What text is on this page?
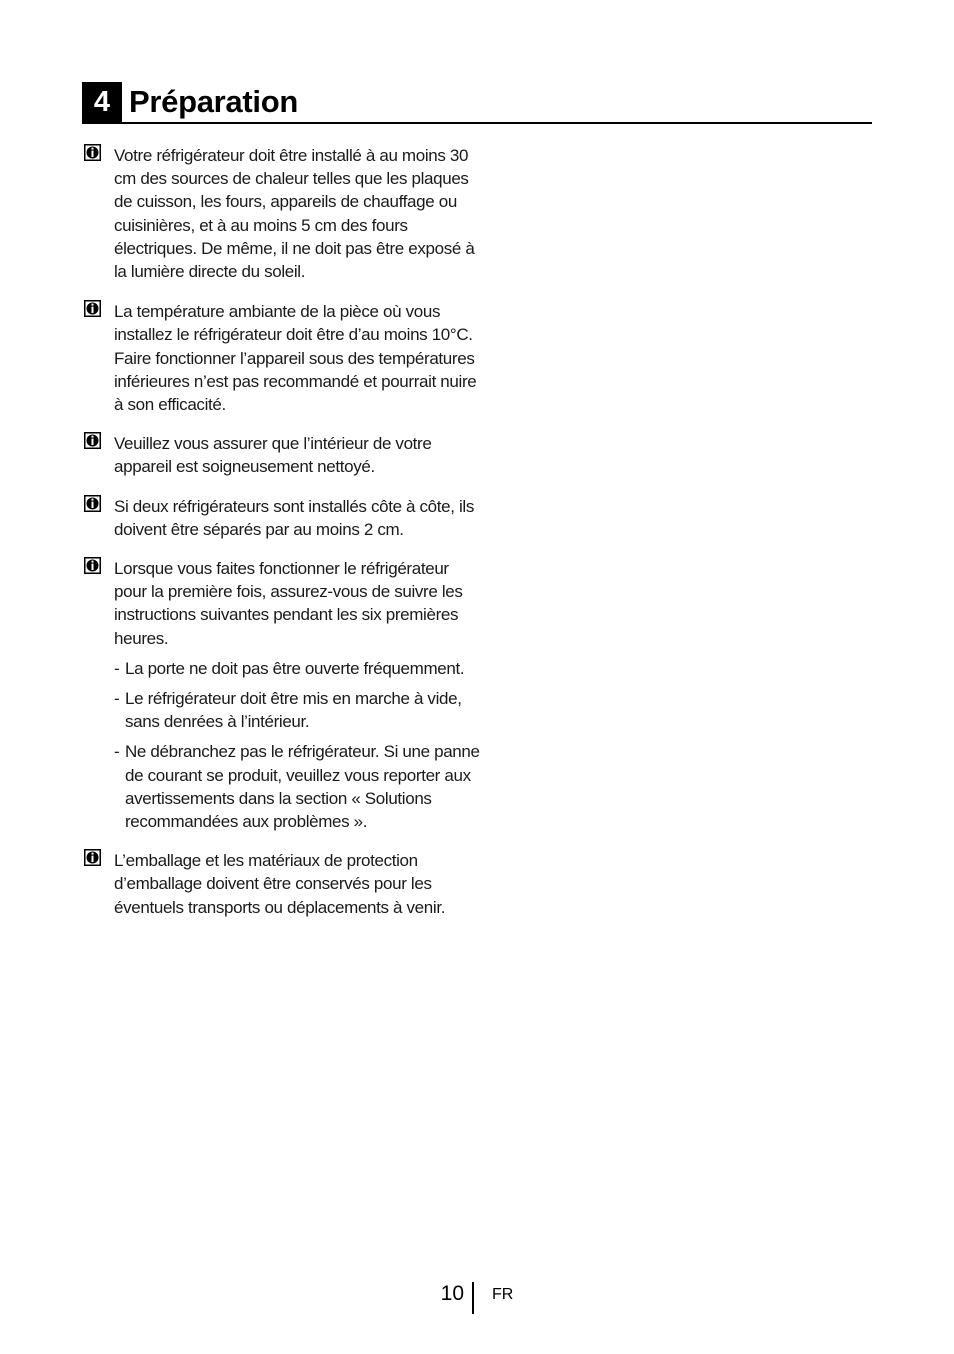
4 Préparation
Votre réfrigérateur doit être installé à au moins 30 cm des sources de chaleur telles que les plaques de cuisson, les fours, appareils de chauffage ou cuisinières, et à au moins 5 cm des fours électriques. De même, il ne doit pas être exposé à la lumière directe du soleil.
La température ambiante de la pièce où vous installez le réfrigérateur doit être d’au moins 10°C. Faire fonctionner l’appareil sous des températures inférieures n’est pas recommandé et pourrait nuire à son efficacité.
Veuillez vous assurer que l’intérieur de votre appareil est soigneusement nettoyé.
Si deux réfrigérateurs sont installés côte à côte, ils doivent être séparés par au moins 2 cm.
Lorsque vous faites fonctionner le réfrigérateur pour la première fois, assurez-vous de suivre les instructions suivantes pendant les six premières heures.
- La porte ne doit pas être ouverte fréquemment.
- Le réfrigérateur doit être mis en marche à vide, sans denrées à l’intérieur.
- Ne débranchez pas le réfrigérateur. Si une panne de courant se produit, veuillez vous reporter aux avertissements dans la section « Solutions recommandées aux problèmes ».
L’emballage et les matériaux de protection d’emballage doivent être conservés pour les éventuels transports ou déplacements à venir.
10 FR
